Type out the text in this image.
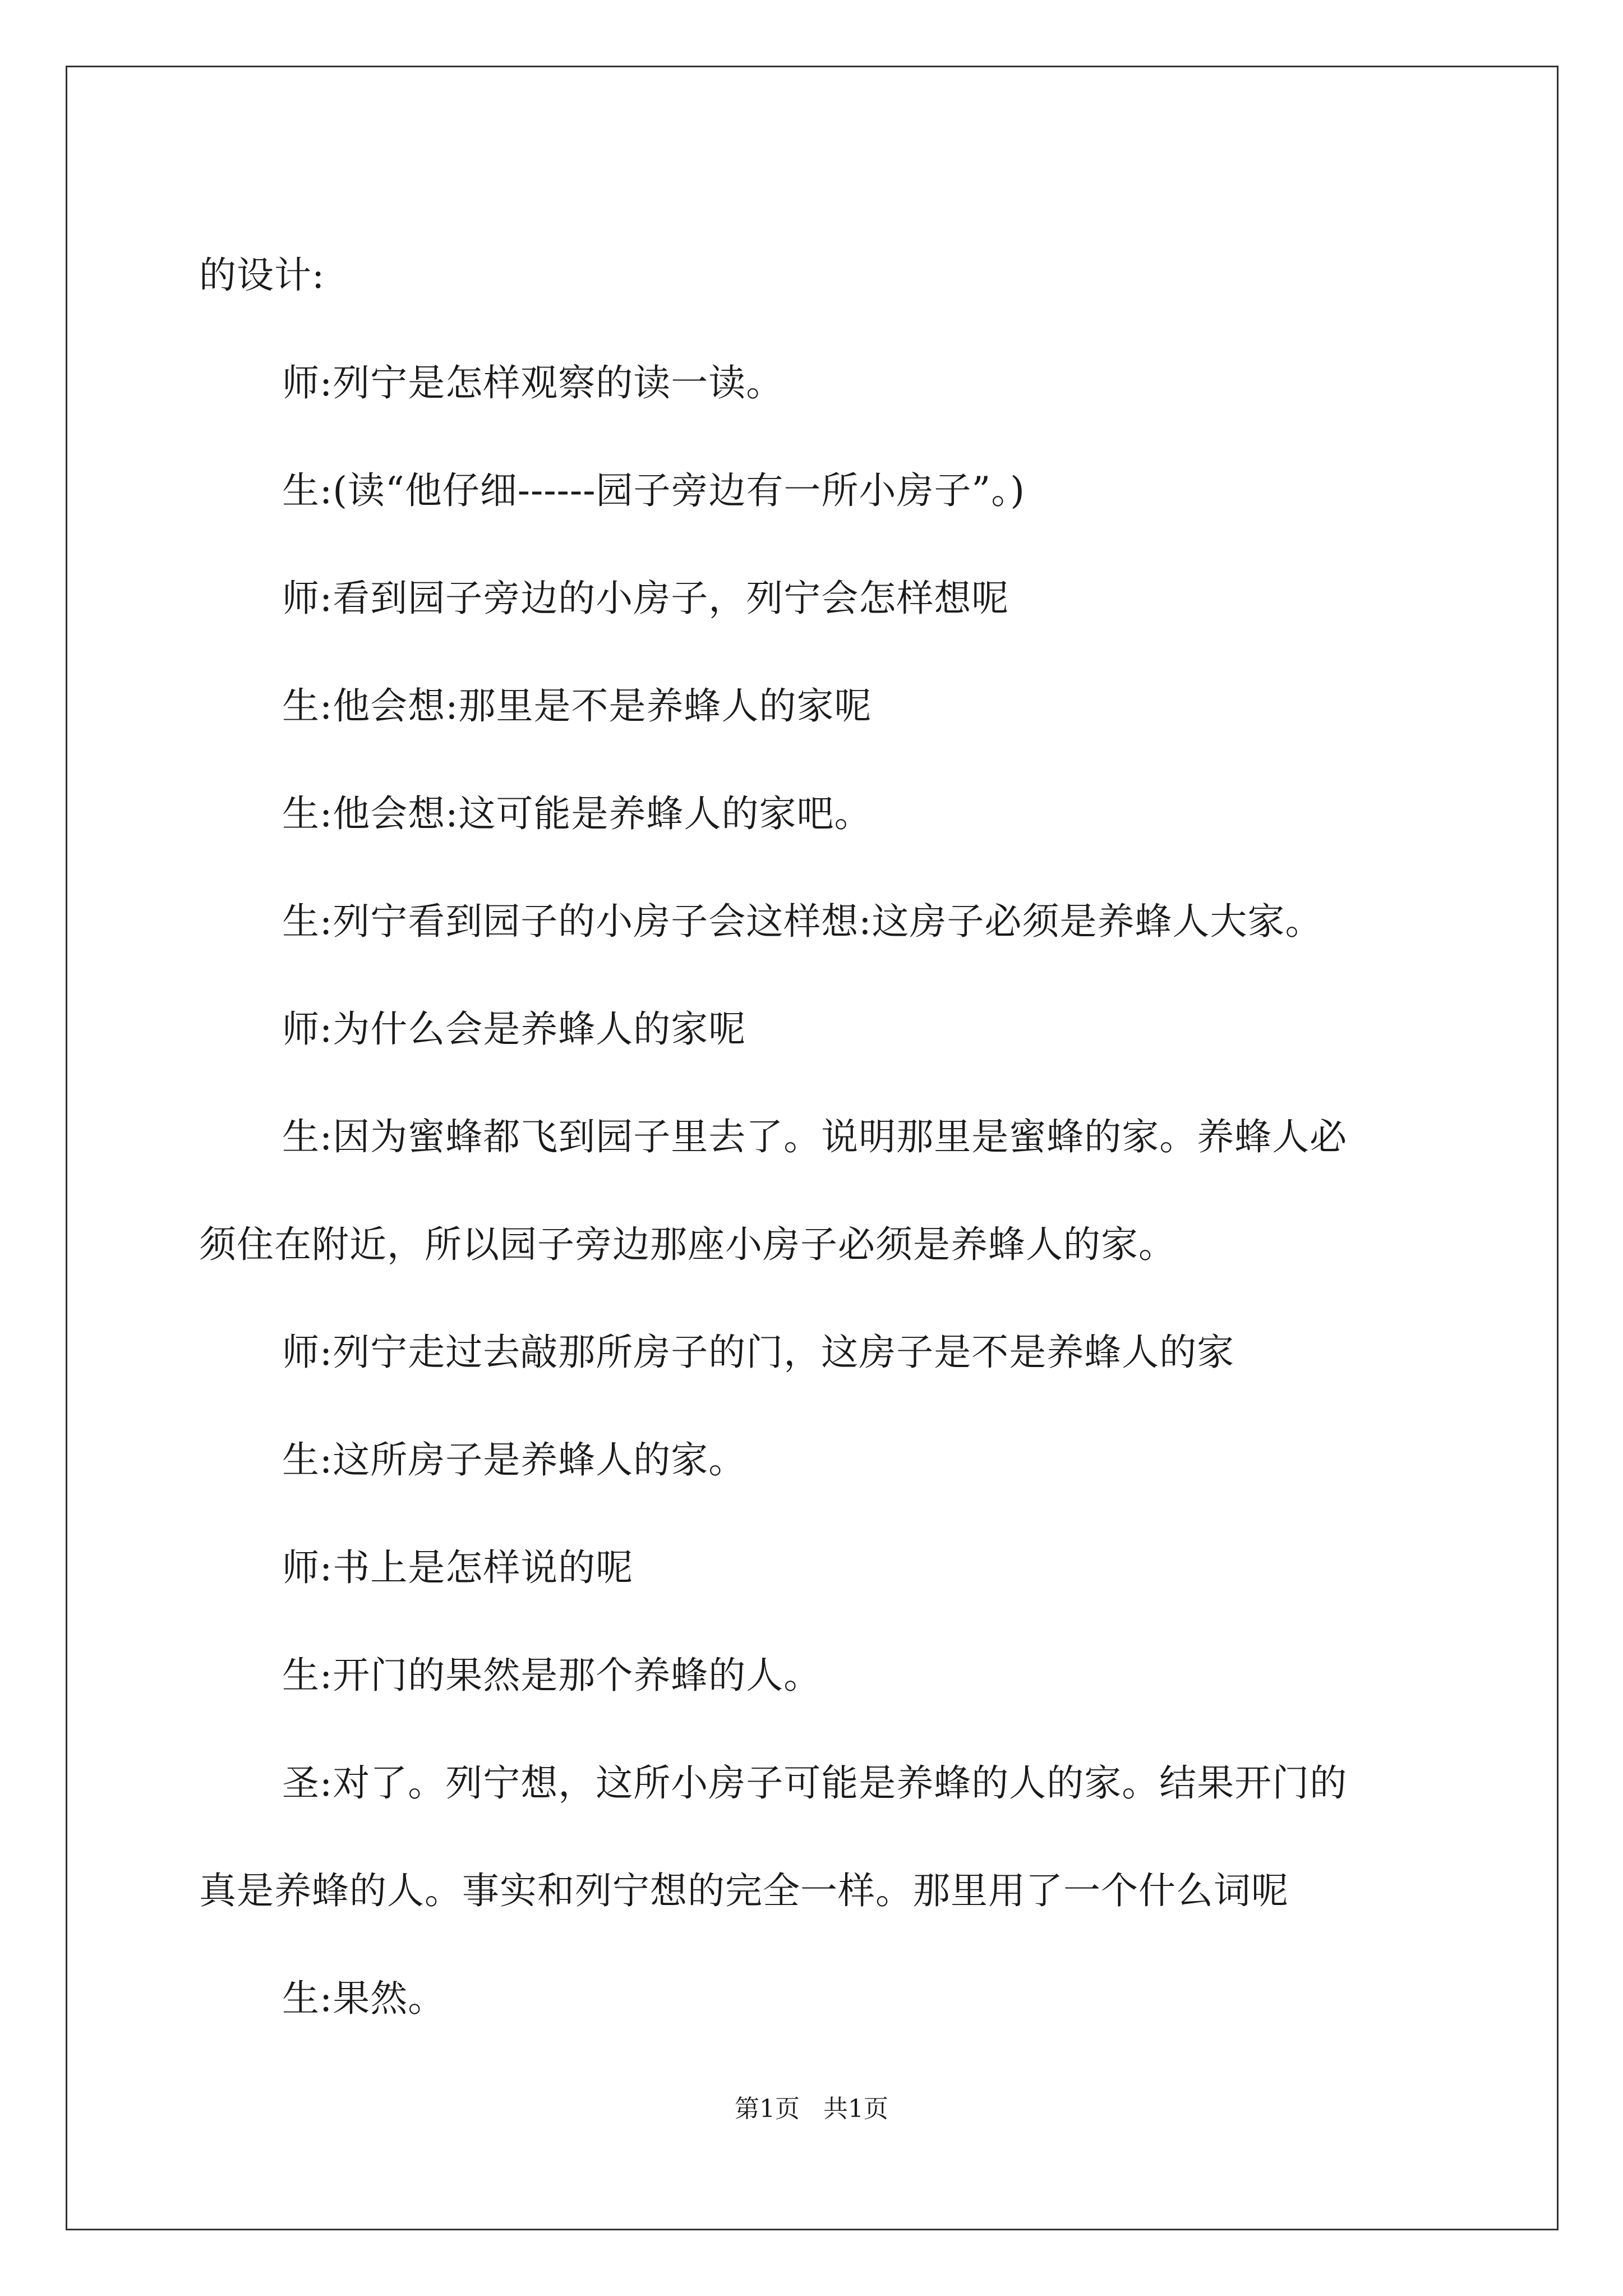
的设计:

师:列宁是怎样观察的读一读。

生:(读“他仔细------园子旁边有一所小房子”。)

师:看到园子旁边的小房子，列宁会怎样想呢

生:他会想:那里是不是养蜂人的家呢

生:他会想:这可能是养蜂人的家吧。

生:列宁看到园子的小房子会这样想:这房子必须是养蜂人大家。

师:为什么会是养蜂人的家呢

生:因为蜜蜂都飞到园子里去了。说明那里是蜜蜂的家。养蜂人必

须住在附近，所以园子旁边那座小房子必须是养蜂人的家。

师:列宁走过去敲那所房子的门，这房子是不是养蜂人的家

生:这所房子是养蜂人的家。

师:书上是怎样说的呢

生:开门的果然是那个养蜂的人。

圣:对了。列宁想，这所小房子可能是养蜂的人的家。结果开门的

真是养蜂的人。事实和列宁想的完全一样。那里用了一个什么词呢

生:果然。

第1页   共1页
